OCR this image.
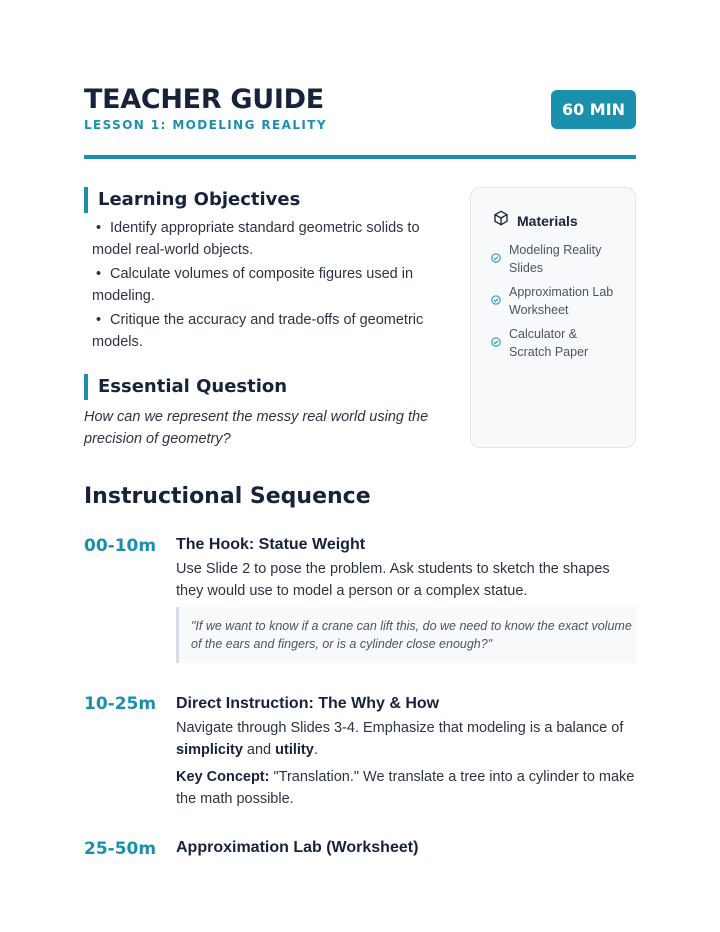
TEACHER GUIDE
LESSON 1: MODELING REALITY
60 MIN
Learning Objectives
• Identify appropriate standard geometric solids to model real-world objects.
• Calculate volumes of composite figures used in modeling.
• Critique the accuracy and trade-offs of geometric models.
Essential Question
How can we represent the messy real world using the precision of geometry?
Materials
Modeling Reality Slides
Approximation Lab Worksheet
Calculator & Scratch Paper
Instructional Sequence
00-10m The Hook: Statue Weight
Use Slide 2 to pose the problem. Ask students to sketch the shapes they would use to model a person or a complex statue.
"If we want to know if a crane can lift this, do we need to know the exact volume of the ears and fingers, or is a cylinder close enough?"
10-25m Direct Instruction: The Why & How
Navigate through Slides 3-4. Emphasize that modeling is a balance of simplicity and utility.
Key Concept: "Translation." We translate a tree into a cylinder to make the math possible.
25-50m Approximation Lab (Worksheet)
